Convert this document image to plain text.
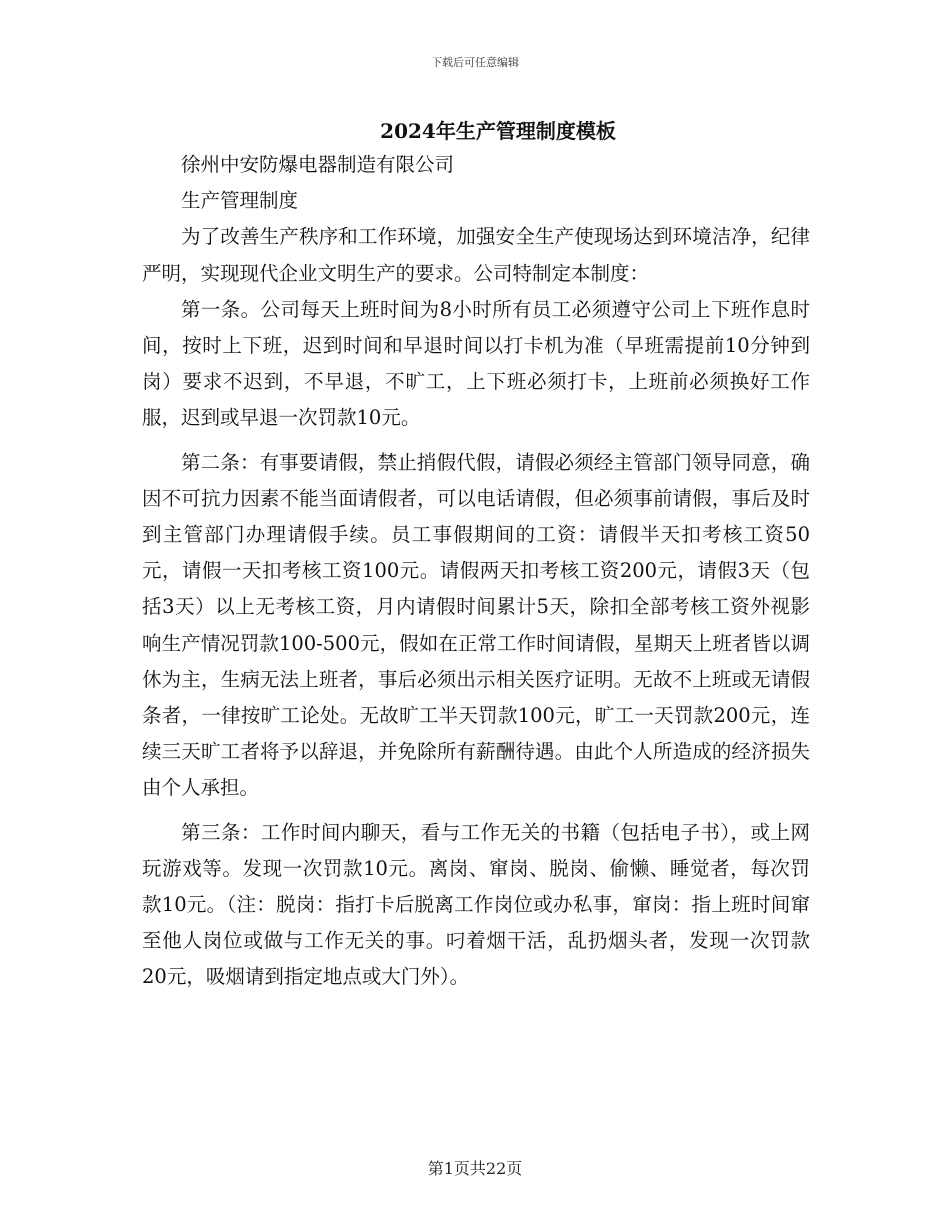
下载后可任意编辑
2024年生产管理制度模板

徐州中安防爆电器制造有限公司

生产管理制度

为了改善生产秩序和工作环境，加强安全生产使现场达到环境洁净，纪律严明，实现现代企业文明生产的要求。公司特制定本制度：

第一条。公司每天上班时间为8小时所有员工必须遵守公司上下班作息时间，按时上下班，迟到时间和早退时间以打卡机为准（早班需提前10分钟到岗）要求不迟到，不早退，不旷工，上下班必须打卡，上班前必须换好工作服，迟到或早退一次罚款10元。

第二条：有事要请假，禁止捎假代假，请假必须经主管部门领导同意，确因不可抗力因素不能当面请假者，可以电话请假，但必须事前请假，事后及时到主管部门办理请假手续。员工事假期间的工资：请假半天扣考核工资50元，请假一天扣考核工资100元。请假两天扣考核工资200元，请假3天（包括3天）以上无考核工资，月内请假时间累计5天，除扣全部考核工资外视影响生产情况罚款100-500元，假如在正常工作时间请假，星期天上班者皆以调休为主，生病无法上班者，事后必须出示相关医疗证明。无故不上班或无请假条者，一律按旷工论处。无故旷工半天罚款100元，旷工一天罚款200元，连续三天旷工者将予以辞退，并免除所有薪酬待遇。由此个人所造成的经济损失由个人承担。

第三条：工作时间内聊天，看与工作无关的书籍（包括电子书），或上网玩游戏等。发现一次罚款10元。离岗、窜岗、脱岗、偷懒、睡觉者，每次罚款10元。（注：脱岗：指打卡后脱离工作岗位或办私事，窜岗：指上班时间窜至他人岗位或做与工作无关的事。叼着烟干活，乱扔烟头者，发现一次罚款20元，吸烟请到指定地点或大门外）。

第1页共22页
